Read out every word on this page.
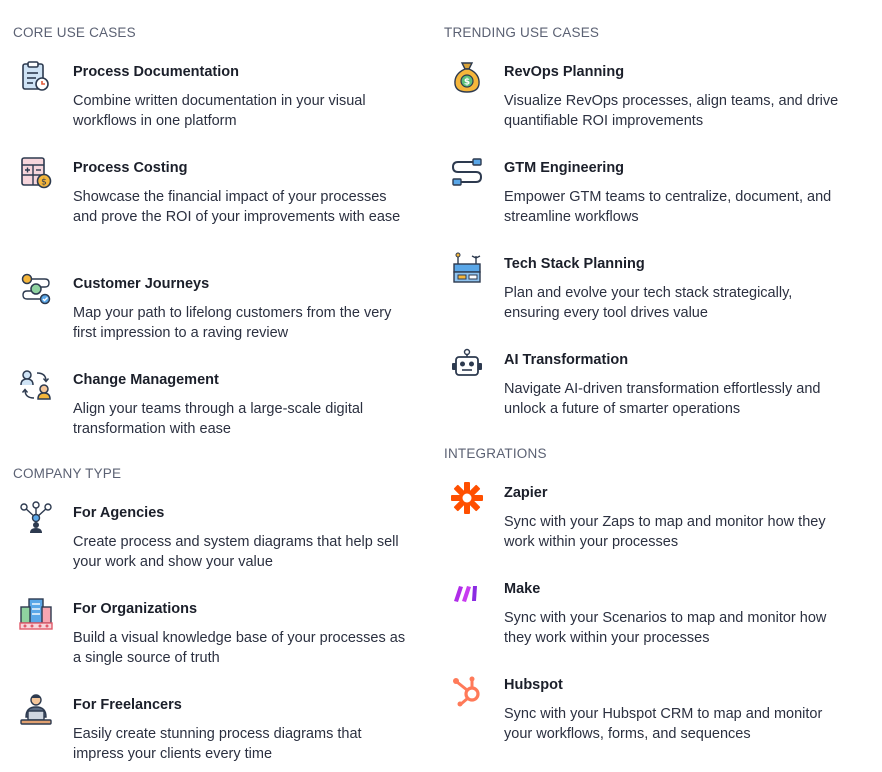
CORE USE CASES
Process Documentation
Combine written documentation in your visual workflows in one platform
$
Process Costing
Showcase the financial impact of your processes and prove the ROI of your improvements with ease
Customer Journeys
Map your path to lifelong customers from the very first impression to a raving review
Change Management
Align your teams through a large-scale digital transformation with ease
COMPANY TYPE
For Agencies
Create process and system diagrams that help sell your work and show your value
For Organizations
Build a visual knowledge base of your processes as a single source of truth
For Freelancers
Easily create stunning process diagrams that impress your clients every time
TRENDING USE CASES
$
RevOps Planning
Visualize RevOps processes, align teams, and drive quantifiable ROI improvements
GTM Engineering
Empower GTM teams to centralize, document, and streamline workflows
Tech Stack Planning
Plan and evolve your tech stack strategically, ensuring every tool drives value
AI Transformation
Navigate AI-driven transformation effortlessly and unlock a future of smarter operations
INTEGRATIONS
Zapier
Sync with your Zaps to map and monitor how they work within your processes
Make
Sync with your Scenarios to map and monitor how they work within your processes
Hubspot
Sync with your Hubspot CRM to map and monitor your workflows, forms, and sequences
